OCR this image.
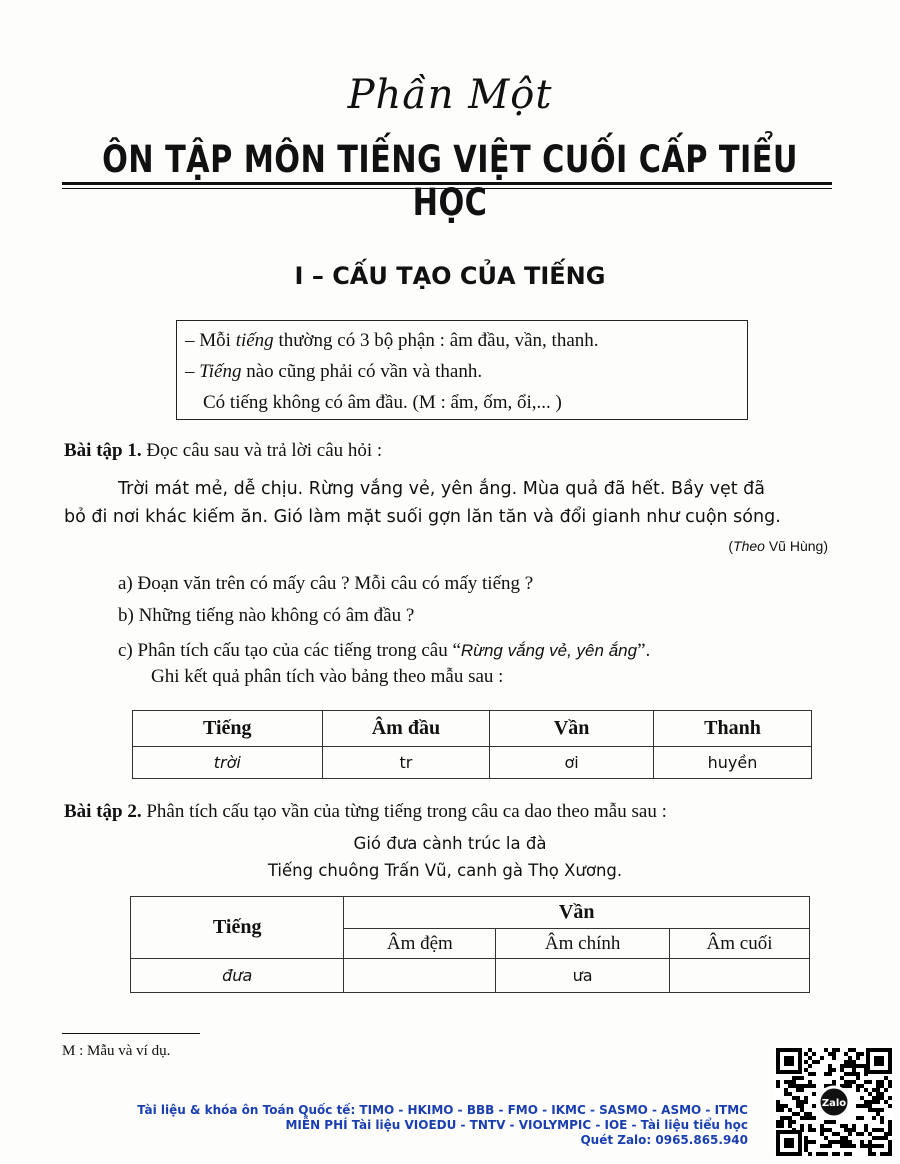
Phần Một
ÔN TẬP MÔN TIẾNG VIỆT CUỐI CẤP TIỂU HỌC
I – CẤU TẠO CỦA TIẾNG
– Mỗi tiếng thường có 3 bộ phận : âm đầu, vần, thanh.
– Tiếng nào cũng phải có vần và thanh.
Có tiếng không có âm đầu. (M : ẩm, ốm, ổi,... )
Bài tập 1. Đọc câu sau và trả lời câu hỏi :
Trời mát mẻ, dễ chịu. Rừng vắng vẻ, yên ắng. Mùa quả đã hết. Bầy vẹt đã
bỏ đi nơi khác kiếm ăn. Gió làm mặt suối gợn lăn tăn và đổi gianh như cuộn sóng.
(Theo Vũ Hùng)
a) Đoạn văn trên có mấy câu ? Mỗi câu có mấy tiếng ?
b) Những tiếng nào không có âm đầu ?
c) Phân tích cấu tạo của các tiếng trong câu “Rừng vắng vẻ, yên ắng”.
Ghi kết quả phân tích vào bảng theo mẫu sau :
Tiếng	Âm đầu	Vần	Thanh
trời	tr	ơi	huyền
Bài tập 2. Phân tích cấu tạo vần của từng tiếng trong câu ca dao theo mẫu sau :
Gió đưa cành trúc la đà
Tiếng chuông Trấn Vũ, canh gà Thọ Xương.
Tiếng	Vần		
	Âm đệm	Âm chính	Âm cuối
đưa		ưa	
M : Mẫu và ví dụ.
Tài liệu & khóa ôn Toán Quốc tế: TIMO - HKIMO - BBB - FMO - IKMC - SASMO - ASMO - ITMC
MIỄN PHÍ Tài liệu VIOEDU - TNTV - VIOLYMPIC - IOE - Tài liệu tiểu học
Quét Zalo: 0965.865.940
Zalo
